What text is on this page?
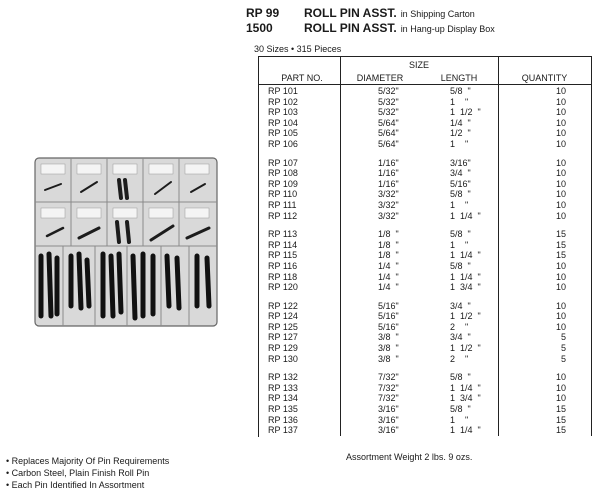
RP 99	ROLL PIN ASST. in Shipping Carton
1500	ROLL PIN ASST. in Hang-up Display Box
30 Sizes • 315 Pieces
SIZE
PART NO.	DIAMETER	LENGTH	QUANTITY
RP 101	5/32"	5/8  "	10
RP 102	5/32"	1    "	10
RP 103	5/32"	1  1/2  "	10
RP 104	5/64"	1/4  "	10
RP 105	5/64"	1/2  "	10
RP 106	5/64"	1    "	10
RP 107	1/16"	3/16"	10
RP 108	1/16"	3/4  "	10
RP 109	1/16"	5/16"	10
RP 110	3/32"	5/8  "	10
RP 111	3/32"	1    "	10
RP 112	3/32"	1  1/4  "	10
RP 113	1/8  "	5/8  "	15
RP 114	1/8  "	1    "	15
RP 115	1/8  "	1  1/4  "	15
RP 116	1/4  "	5/8  "	10
RP 118	1/4  "	1  1/4  "	10
RP 120	1/4  "	1  3/4  "	10
RP 122	5/16"	3/4  "	10
RP 124	5/16"	1  1/2  "	10
RP 125	5/16"	2    "	10
RP 127	3/8  "	3/4  "	5
RP 129	3/8  "	1  1/2  "	5
RP 130	3/8  "	2    "	5
RP 132	7/32"	5/8  "	10
RP 133	7/32"	1  1/4  "	10
RP 134	7/32"	1  3/4  "	10
RP 135	3/16"	5/8  "	15
RP 136	3/16"	1    "	15
RP 137	3/16"	1  1/4  "	15
Assortment Weight 2 lbs. 9 ozs.
• Replaces Majority Of Pin Requirements
• Carbon Steel, Plain Finish Roll Pin
• Each Pin Identified In Assortment
